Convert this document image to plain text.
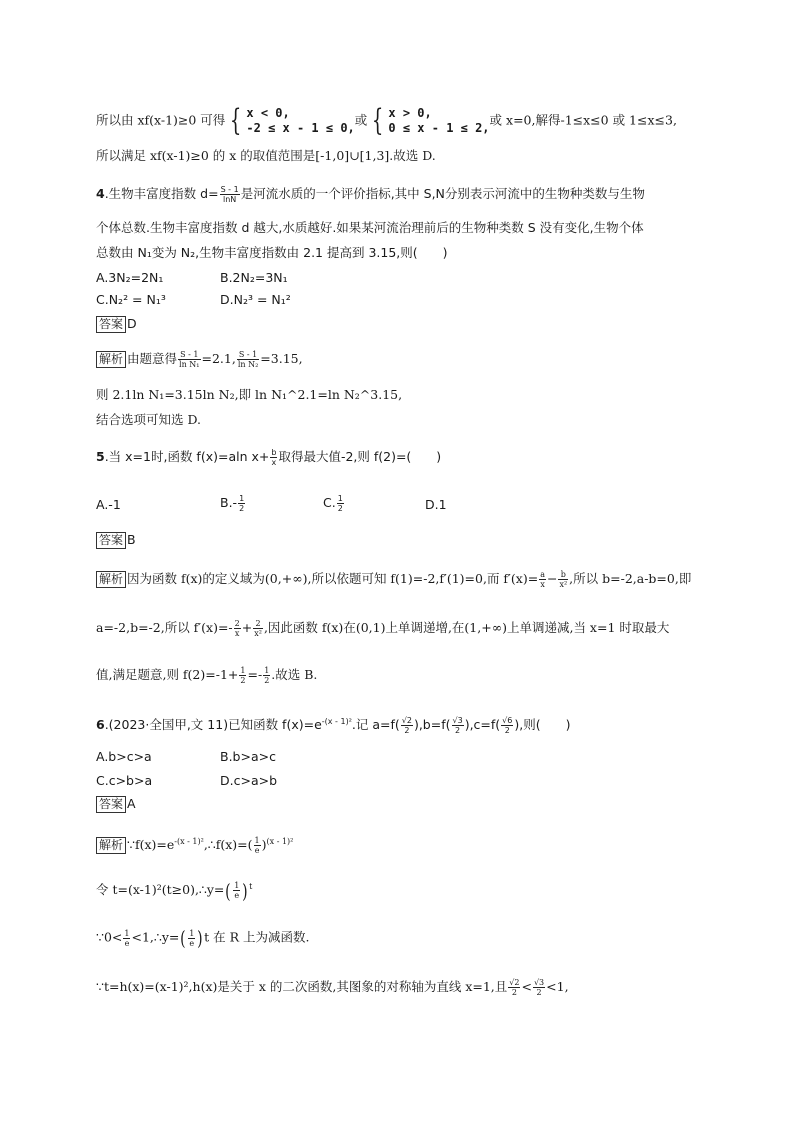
所以由 xf(x-1)≥0 可得 { x < 0,
-2 ≤ x - 1 ≤ 0,或 { x > 0,
0 ≤ x - 1 ≤ 2,或 x=0,解得-1≤x≤0 或 1≤x≤3,
所以满足 xf(x-1)≥0 的 x 的取值范围是[-1,0]∪[1,3].故选 D.
4.生物丰富度指数 $d= \frac{S - 1}{\ln N}$ 是河流水质的一个评价指标,其中 S,N分别表示河流中的生物种类数与生物
个体总数.生物丰富度指数 d 越大,水质越好.如果某河流治理前后的生物种类数 S 没有变化,生物个体
总数由 N₁变为 N₂,生物丰富度指数由 2.1 提高到 3.15,则(　　)
A.3N₂=2N₁	B.2N₂=3N₁
C.N₂² = N₁³	D.N₂³ = N₁²
答案 D
解析 由题意得 $\frac{S - 1}{\text{ln N₁}} =2.1$, $\frac{S - 1}{\text{ln N₂}} =3.15$,
则 2.1ln N₁=3.15ln N₂,即 ln N₁^2.1=ln N₂^3.15,
结合选项可知选 D.
5.当 x=1时,函数 f(x)=aln $x+ \frac{b}{x}$ 取得最大值-2,则 f(2)=(　　)
A.-1	$B.- \frac{1}{2}$	C. $\frac{1}{2}$	D.1
答案 B
解析 因为函数 f(x)的定义域为(0,+∞),所以依题可知 f(1)=-2,f′(1)=0,而 $f'(x)= \frac{a}{x} - \frac{b}{\text{x²}}$ ,所以 b=-2,a-b=0,即
a=-2,b=-2,所以 $f'(x)=- \frac{2}{x} + \frac{2}{\text{x²}}$ ,因此函数 f(x)在(0,1)上单调递增,在(1,+∞)上单调递减,当 x=1 时取最大
值,满足题意,则 $f(2)=-1+ \frac{1}{2} =- \frac{1}{2}$ .故选 B.
6.(2023·全国甲,文 11)已知函数 $f(x)=e^{-(x - 1)^2}$.记 $a=f( \frac{√2}{2} ),b=f( \frac{√3}{2} ),c=f( \frac{√6}{2}$ ),则(　　)
A.b>c>a	B.b>a>c
C.c>b>a	D.c>a>b
答案 A
解析 $\because f(x)=e^{-(x - 1)^2},\therefore f(x)=( \frac{1}{e} )^{(x - 1)^2}$
令 t=(x-1)²(t≥0),∴y=( $\frac{1}{e} )^t$
∵0< $\frac{1}{e}$ <1,∴y=( $\frac{1}{e} )t$ 在 R 上为减函数.
∵t=h(x)=(x-1)²,h(x)是关于 x 的二次函数,其图象的对称轴为直线 x=1,且 $\frac{√2}{2} < \frac{√3}{2} <1$,
